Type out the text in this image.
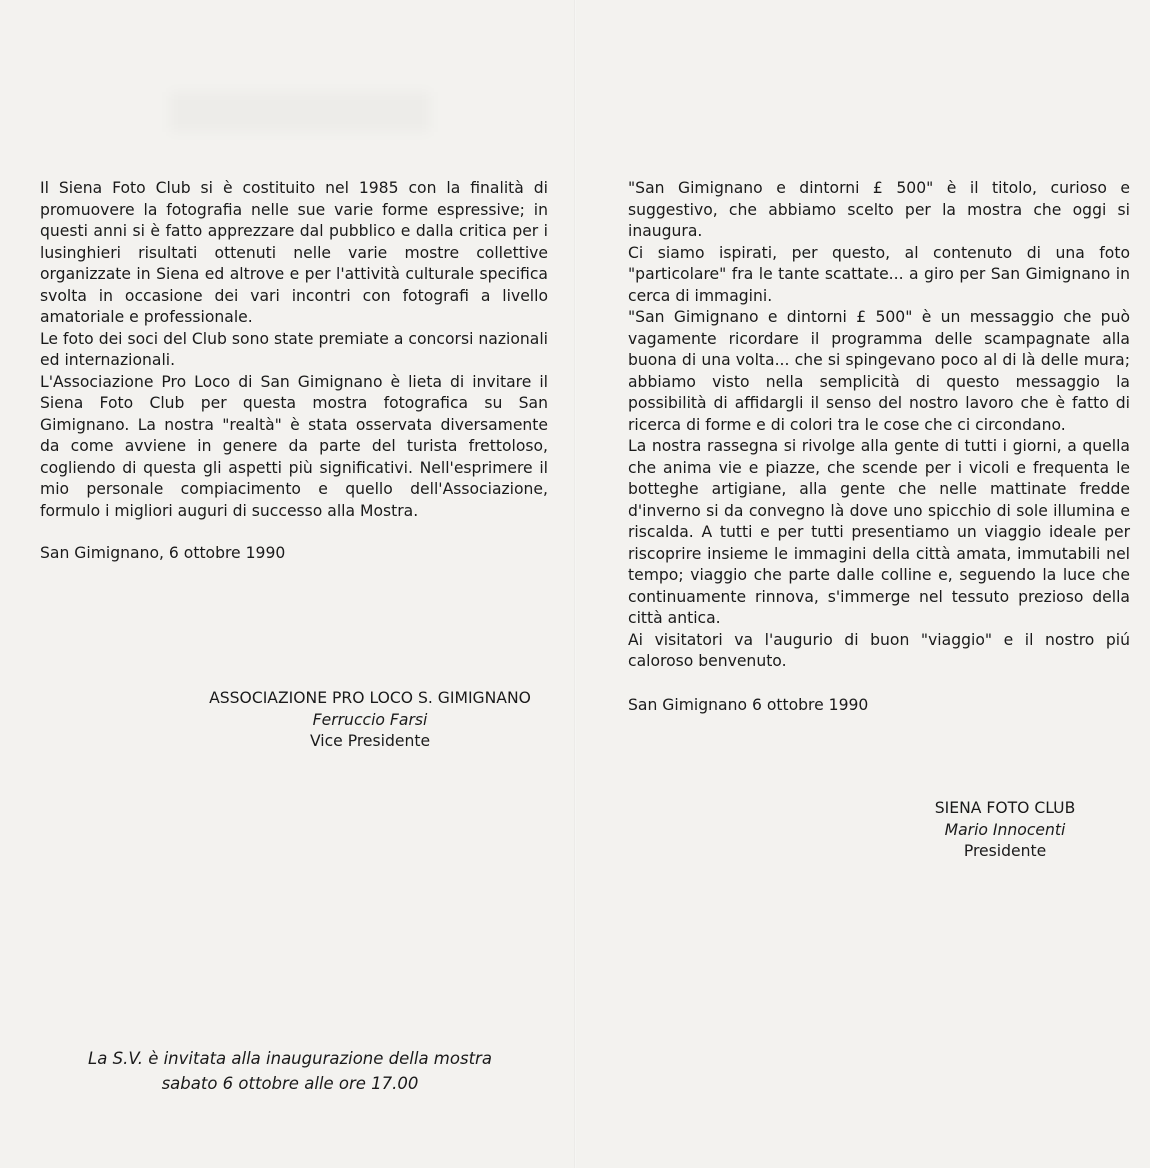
Il Siena Foto Club si è costituito nel 1985 con la finalità di promuovere la fotografia nelle sue varie forme espressive; in questi anni si è fatto apprezzare dal pubblico e dalla critica per i lusinghieri risultati ottenuti nelle varie mostre collettive organizzate in Siena ed altrove e per l'attività culturale specifica svolta in occasione dei vari incontri con fotografi a livello amatoriale e professionale.

Le foto dei soci del Club sono state premiate a concorsi nazionali ed internazionali.

L'Associazione Pro Loco di San Gimignano è lieta di invitare il Siena Foto Club per questa mostra fotografica su San Gimignano. La nostra "realtà" è stata osservata diversamente da come avviene in genere da parte del turista frettoloso, cogliendo di questa gli aspetti più significativi. Nell'esprimere il mio personale compiacimento e quello dell'Associazione, formulo i migliori auguri di successo alla Mostra.

San Gimignano, 6 ottobre 1990

ASSOCIAZIONE PRO LOCO S. GIMIGNANO
Ferruccio Farsi
Vice Presidente

"San Gimignano e dintorni £ 500" è il titolo, curioso e suggestivo, che abbiamo scelto per la mostra che oggi si inaugura.

Ci siamo ispirati, per questo, al contenuto di una foto "particolare" fra le tante scattate... a giro per San Gimignano in cerca di immagini.

"San Gimignano e dintorni £ 500" è un messaggio che può vagamente ricordare il programma delle scampagnate alla buona di una volta... che si spingevano poco al di là delle mura; abbiamo visto nella semplicità di questo messaggio la possibilità di affidargli il senso del nostro lavoro che è fatto di ricerca di forme e di colori tra le cose che ci circondano.

La nostra rassegna si rivolge alla gente di tutti i giorni, a quella che anima vie e piazze, che scende per i vicoli e frequenta le botteghe artigiane, alla gente che nelle mattinate fredde d'inverno si da convegno là dove uno spicchio di sole illumina e riscalda. A tutti e per tutti presentiamo un viaggio ideale per riscoprire insieme le immagini della città amata, immutabili nel tempo; viaggio che parte dalle colline e, seguendo la luce che continuamente rinnova, s'immerge nel tessuto prezioso della città antica.

Ai visitatori va l'augurio di buon "viaggio" e il nostro piú caloroso benvenuto.

San Gimignano 6 ottobre 1990

SIENA FOTO CLUB
Mario Innocenti
Presidente
La S.V. è invitata alla inaugurazione della mostra
sabato 6 ottobre alle ore 17.00
